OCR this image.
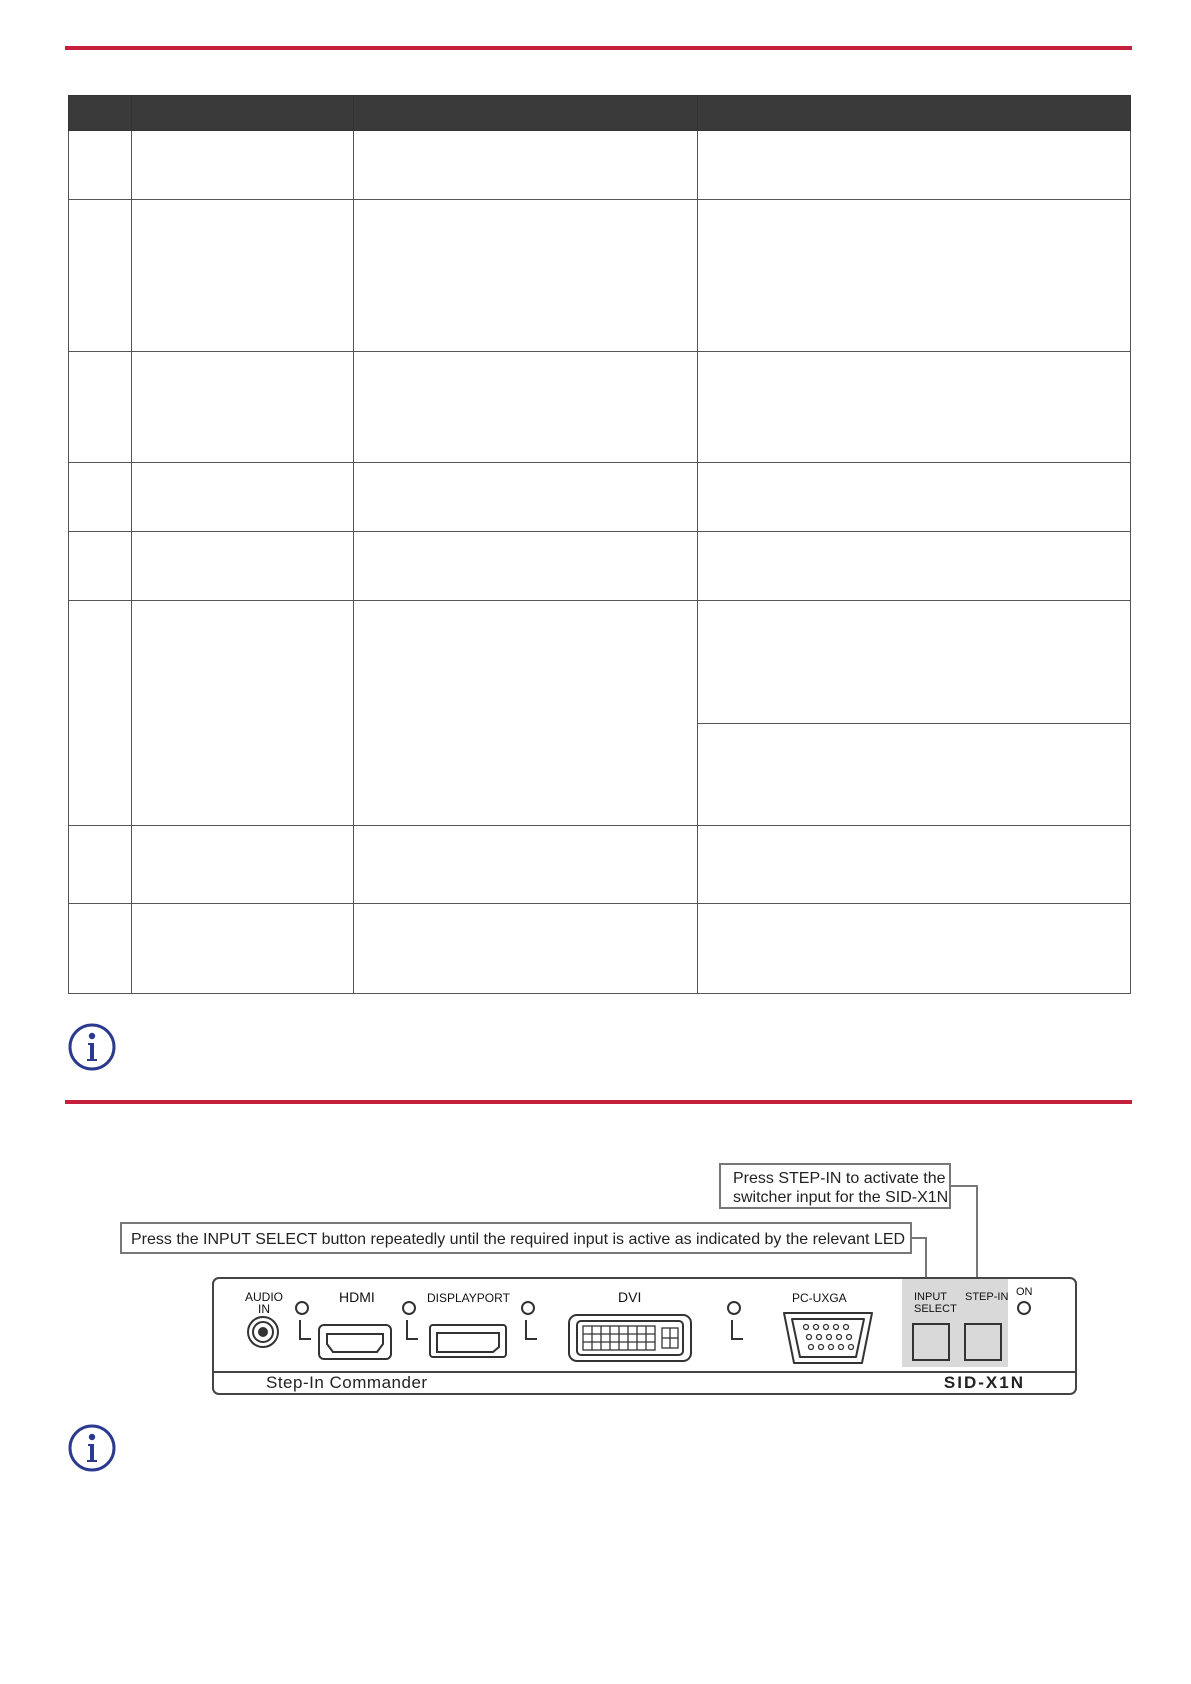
Press STEP-IN to activate the switcher input for the SID-X1N
Press the INPUT SELECT button repeatedly until the required input is active as indicated by the relevant LED
AUDIO
IN
HDMI	DISPLAYPORT	DVI	PC-UXGA	INPUT
SELECT
STEP-IN ON
Step-In Commander	SID-X1N
